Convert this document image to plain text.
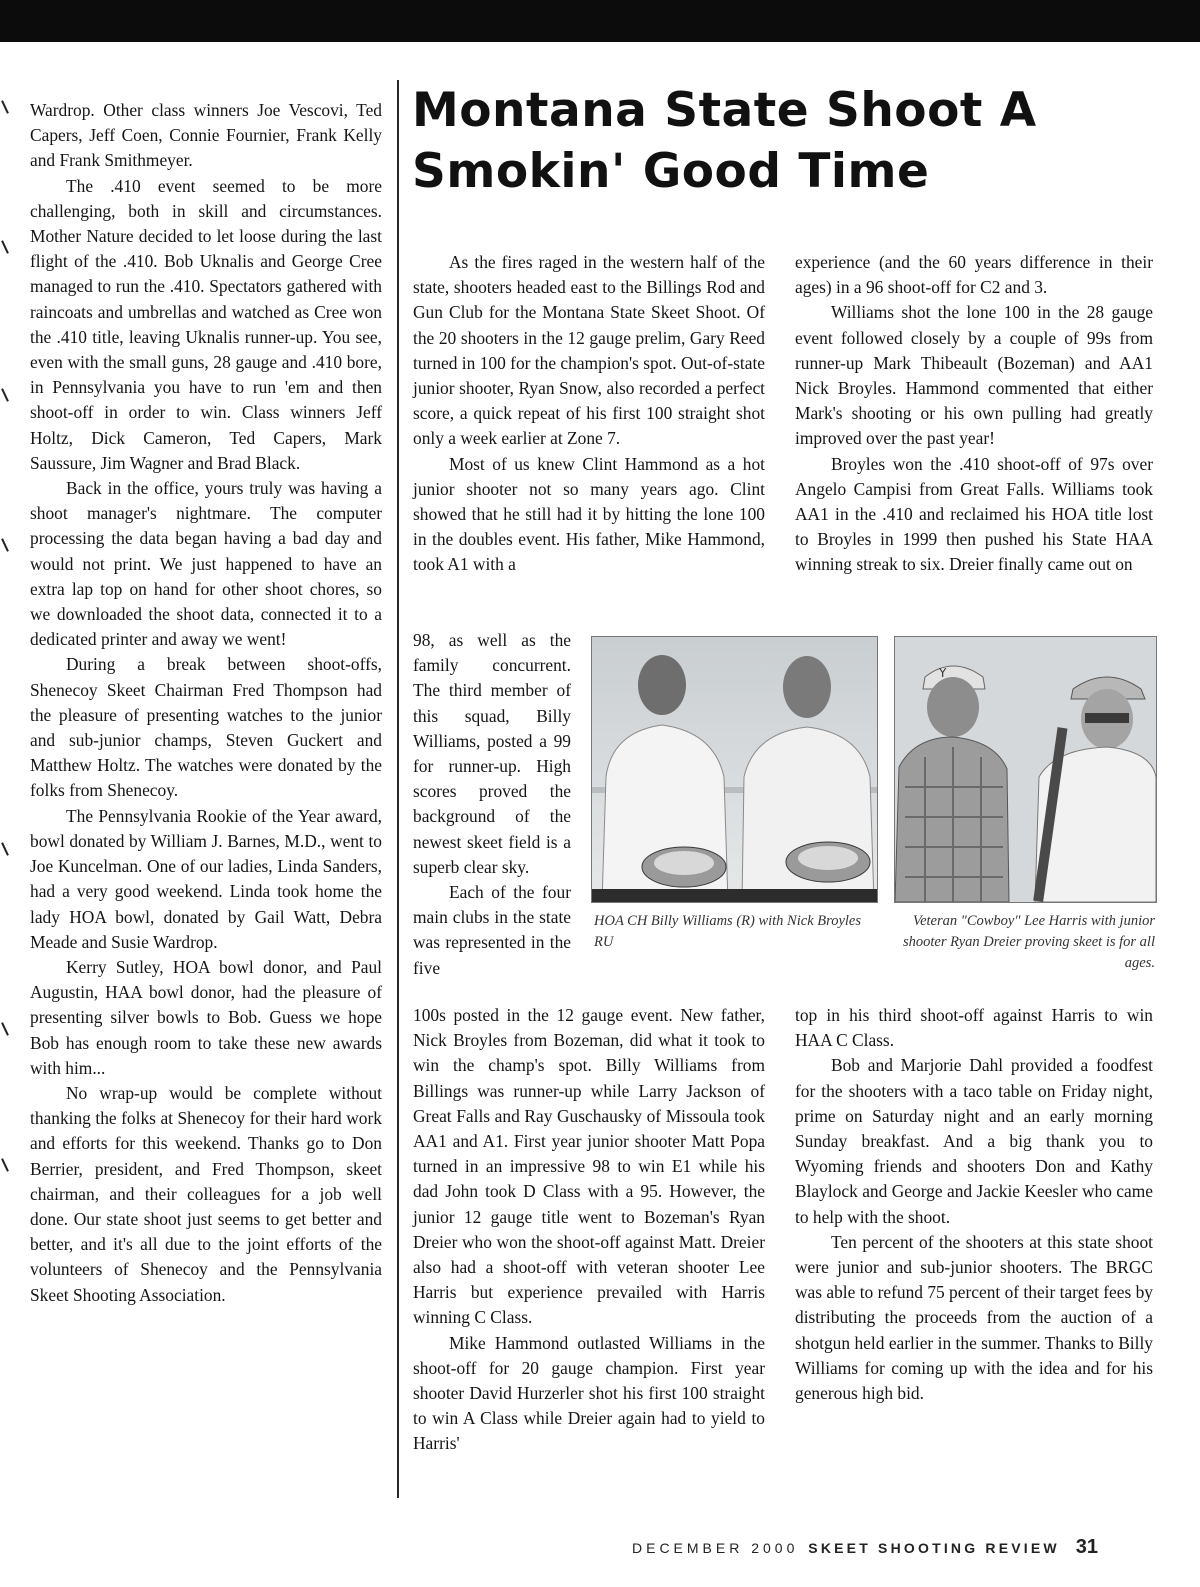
Wardrop. Other class winners Joe Vescovi, Ted Capers, Jeff Coen, Connie Fournier, Frank Kelly and Frank Smithmeyer.

The .410 event seemed to be more challenging, both in skill and circumstances. Mother Nature decided to let loose during the last flight of the .410. Bob Uknalis and George Cree managed to run the .410. Spectators gathered with raincoats and umbrellas and watched as Cree won the .410 title, leaving Uknalis runner-up. You see, even with the small guns, 28 gauge and .410 bore, in Pennsylvania you have to run 'em and then shoot-off in order to win. Class winners Jeff Holtz, Dick Cameron, Ted Capers, Mark Saussure, Jim Wagner and Brad Black.

Back in the office, yours truly was having a shoot manager's nightmare. The computer processing the data began having a bad day and would not print. We just happened to have an extra lap top on hand for other shoot chores, so we downloaded the shoot data, connected it to a dedicated printer and away we went!

During a break between shoot-offs, Shenecoy Skeet Chairman Fred Thompson had the pleasure of presenting watches to the junior and sub-junior champs, Steven Guckert and Matthew Holtz. The watches were donated by the folks from Shenecoy.

The Pennsylvania Rookie of the Year award, bowl donated by William J. Barnes, M.D., went to Joe Kuncelman. One of our ladies, Linda Sanders, had a very good weekend. Linda took home the lady HOA bowl, donated by Gail Watt, Debra Meade and Susie Wardrop.

Kerry Sutley, HOA bowl donor, and Paul Augustin, HAA bowl donor, had the pleasure of presenting silver bowls to Bob. Guess we hope Bob has enough room to take these new awards with him...

No wrap-up would be complete without thanking the folks at Shenecoy for their hard work and efforts for this weekend. Thanks go to Don Berrier, president, and Fred Thompson, skeet chairman, and their colleagues for a job well done. Our state shoot just seems to get better and better, and it's all due to the joint efforts of the volunteers of Shenecoy and the Pennsylvania Skeet Shooting Association.

Montana State Shoot A
Smokin' Good Time

As the fires raged in the western half of the state, shooters headed east to the Billings Rod and Gun Club for the Montana State Skeet Shoot. Of the 20 shooters in the 12 gauge prelim, Gary Reed turned in 100 for the champion's spot. Out-of-state junior shooter, Ryan Snow, also recorded a perfect score, a quick repeat of his first 100 straight shot only a week earlier at Zone 7.

Most of us knew Clint Hammond as a hot junior shooter not so many years ago. Clint showed that he still had it by hitting the lone 100 in the doubles event. His father, Mike Hammond, took A1 with a

experience (and the 60 years difference in their ages) in a 96 shoot-off for C2 and 3.

Williams shot the lone 100 in the 28 gauge event followed closely by a couple of 99s from runner-up Mark Thibeault (Bozeman) and AA1 Nick Broyles. Hammond commented that either Mark's shooting or his own pulling had greatly improved over the past year!

Broyles won the .410 shoot-off of 97s over Angelo Campisi from Great Falls. Williams took AA1 in the .410 and reclaimed his HOA title lost to Broyles in 1999 then pushed his State HAA winning streak to six. Dreier finally came out on

98, as well as the family concurrent. The third member of this squad, Billy Williams, posted a 99 for runner-up. High scores proved the background of the newest skeet field is a superb clear sky.

Each of the four main clubs in the state was represented in the five

Y

HOA CH Billy Williams (R) with Nick Broyles RU

Veteran "Cowboy" Lee Harris with junior shooter Ryan Dreier proving skeet is for all ages.

100s posted in the 12 gauge event. New father, Nick Broyles from Bozeman, did what it took to win the champ's spot. Billy Williams from Billings was runner-up while Larry Jackson of Great Falls and Ray Guschausky of Missoula took AA1 and A1. First year junior shooter Matt Popa turned in an impressive 98 to win E1 while his dad John took D Class with a 95. However, the junior 12 gauge title went to Bozeman's Ryan Dreier who won the shoot-off against Matt. Dreier also had a shoot-off with veteran shooter Lee Harris but experience prevailed with Harris winning C Class.

Mike Hammond outlasted Williams in the shoot-off for 20 gauge champion. First year shooter David Hurzerler shot his first 100 straight to win A Class while Dreier again had to yield to Harris'

top in his third shoot-off against Harris to win HAA C Class.

Bob and Marjorie Dahl provided a foodfest for the shooters with a taco table on Friday night, prime on Saturday night and an early morning Sunday breakfast. And a big thank you to Wyoming friends and shooters Don and Kathy Blaylock and George and Jackie Keesler who came to help with the shoot.

Ten percent of the shooters at this state shoot were junior and sub-junior shooters. The BRGC was able to refund 75 percent of their target fees by distributing the proceeds from the auction of a shotgun held earlier in the summer. Thanks to Billy Williams for coming up with the idea and for his generous high bid.

DECEMBER 2000 SKEET SHOOTING REVIEW 31
